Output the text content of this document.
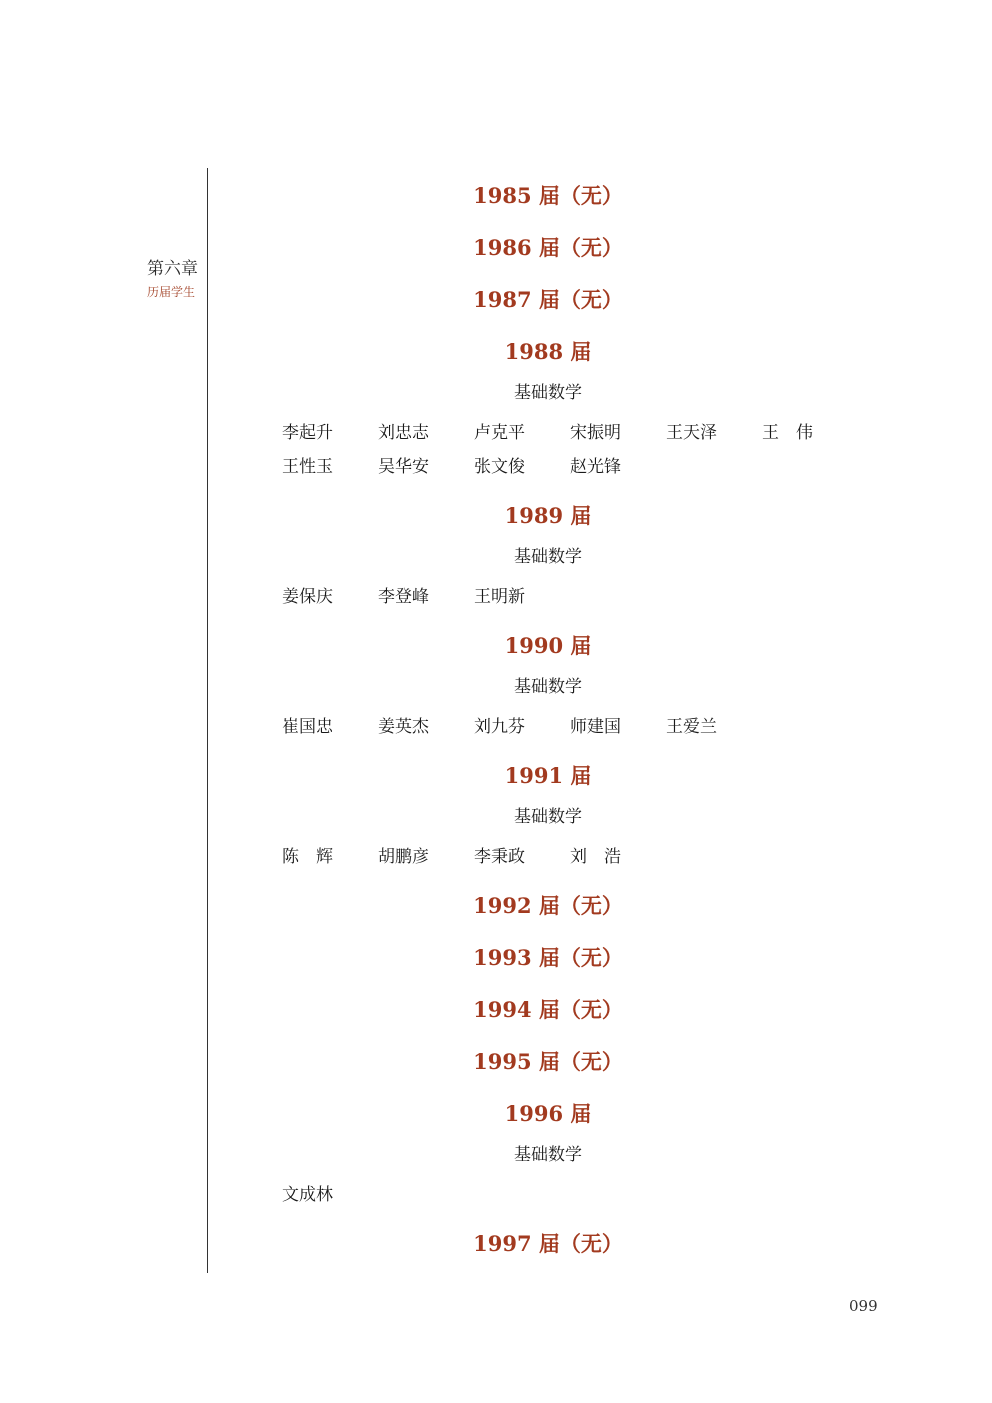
第六章
历届学生
1985 届（无）
1986 届（无）
1987 届（无）
1988 届
基础数学
李起升	刘忠志	卢克平	宋振明	王天泽	王　伟
王性玉	吴华安	张文俊	赵光锋
1989 届
基础数学
姜保庆	李登峰	王明新
1990 届
基础数学
崔国忠	姜英杰	刘九芬	师建国	王爱兰
1991 届
基础数学
陈　辉	胡鹏彦	李秉政	刘　浩
1992 届（无）
1993 届（无）
1994 届（无）
1995 届（无）
1996 届
基础数学
文成林
1997 届（无）
099
